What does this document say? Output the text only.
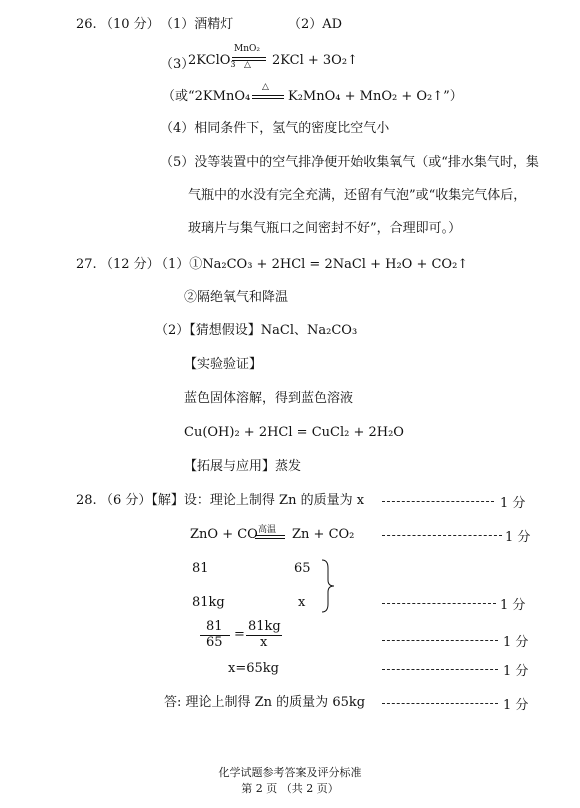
26. （10 分） （1）酒精灯	（2）AD
（3）
2KClO$_3$
MnO₂
△ 2KCl + 3O₂↑
（或“2KMnO₄
△
K₂MnO₄ + MnO₂ + O₂↑”）
（4）相同条件下，氢气的密度比空气小
（5）没等装置中的空气排净便开始收集氧气（或“排水集气时，集
气瓶中的水没有完全充满，还留有气泡”或“收集完气体后，
玻璃片与集气瓶口之间密封不好”，合理即可。）
27. （12 分）
（1）①Na₂CO₃ + 2HCl = 2NaCl + H₂O + CO₂↑
②隔绝氧气和降温
（2）【猜想假设】NaCl、Na₂CO₃
【实验验证】
蓝色固体溶解，得到蓝色溶液
Cu(OH)₂ + 2HCl = CuCl₂ + 2H₂O
【拓展与应用】蒸发
28. （6 分）【解】设：理论上制得 Zn 的质量为 x	1 分
ZnO + CO 高温 Zn + CO₂	1 分
81	65
81kg	x	1 分
81
65
=
81kg
x	1 分
x=65kg	1 分
答: 理论上制得 Zn 的质量为 65kg	1 分
化学试题参考答案及评分标准
第 2 页 （共 2 页）
